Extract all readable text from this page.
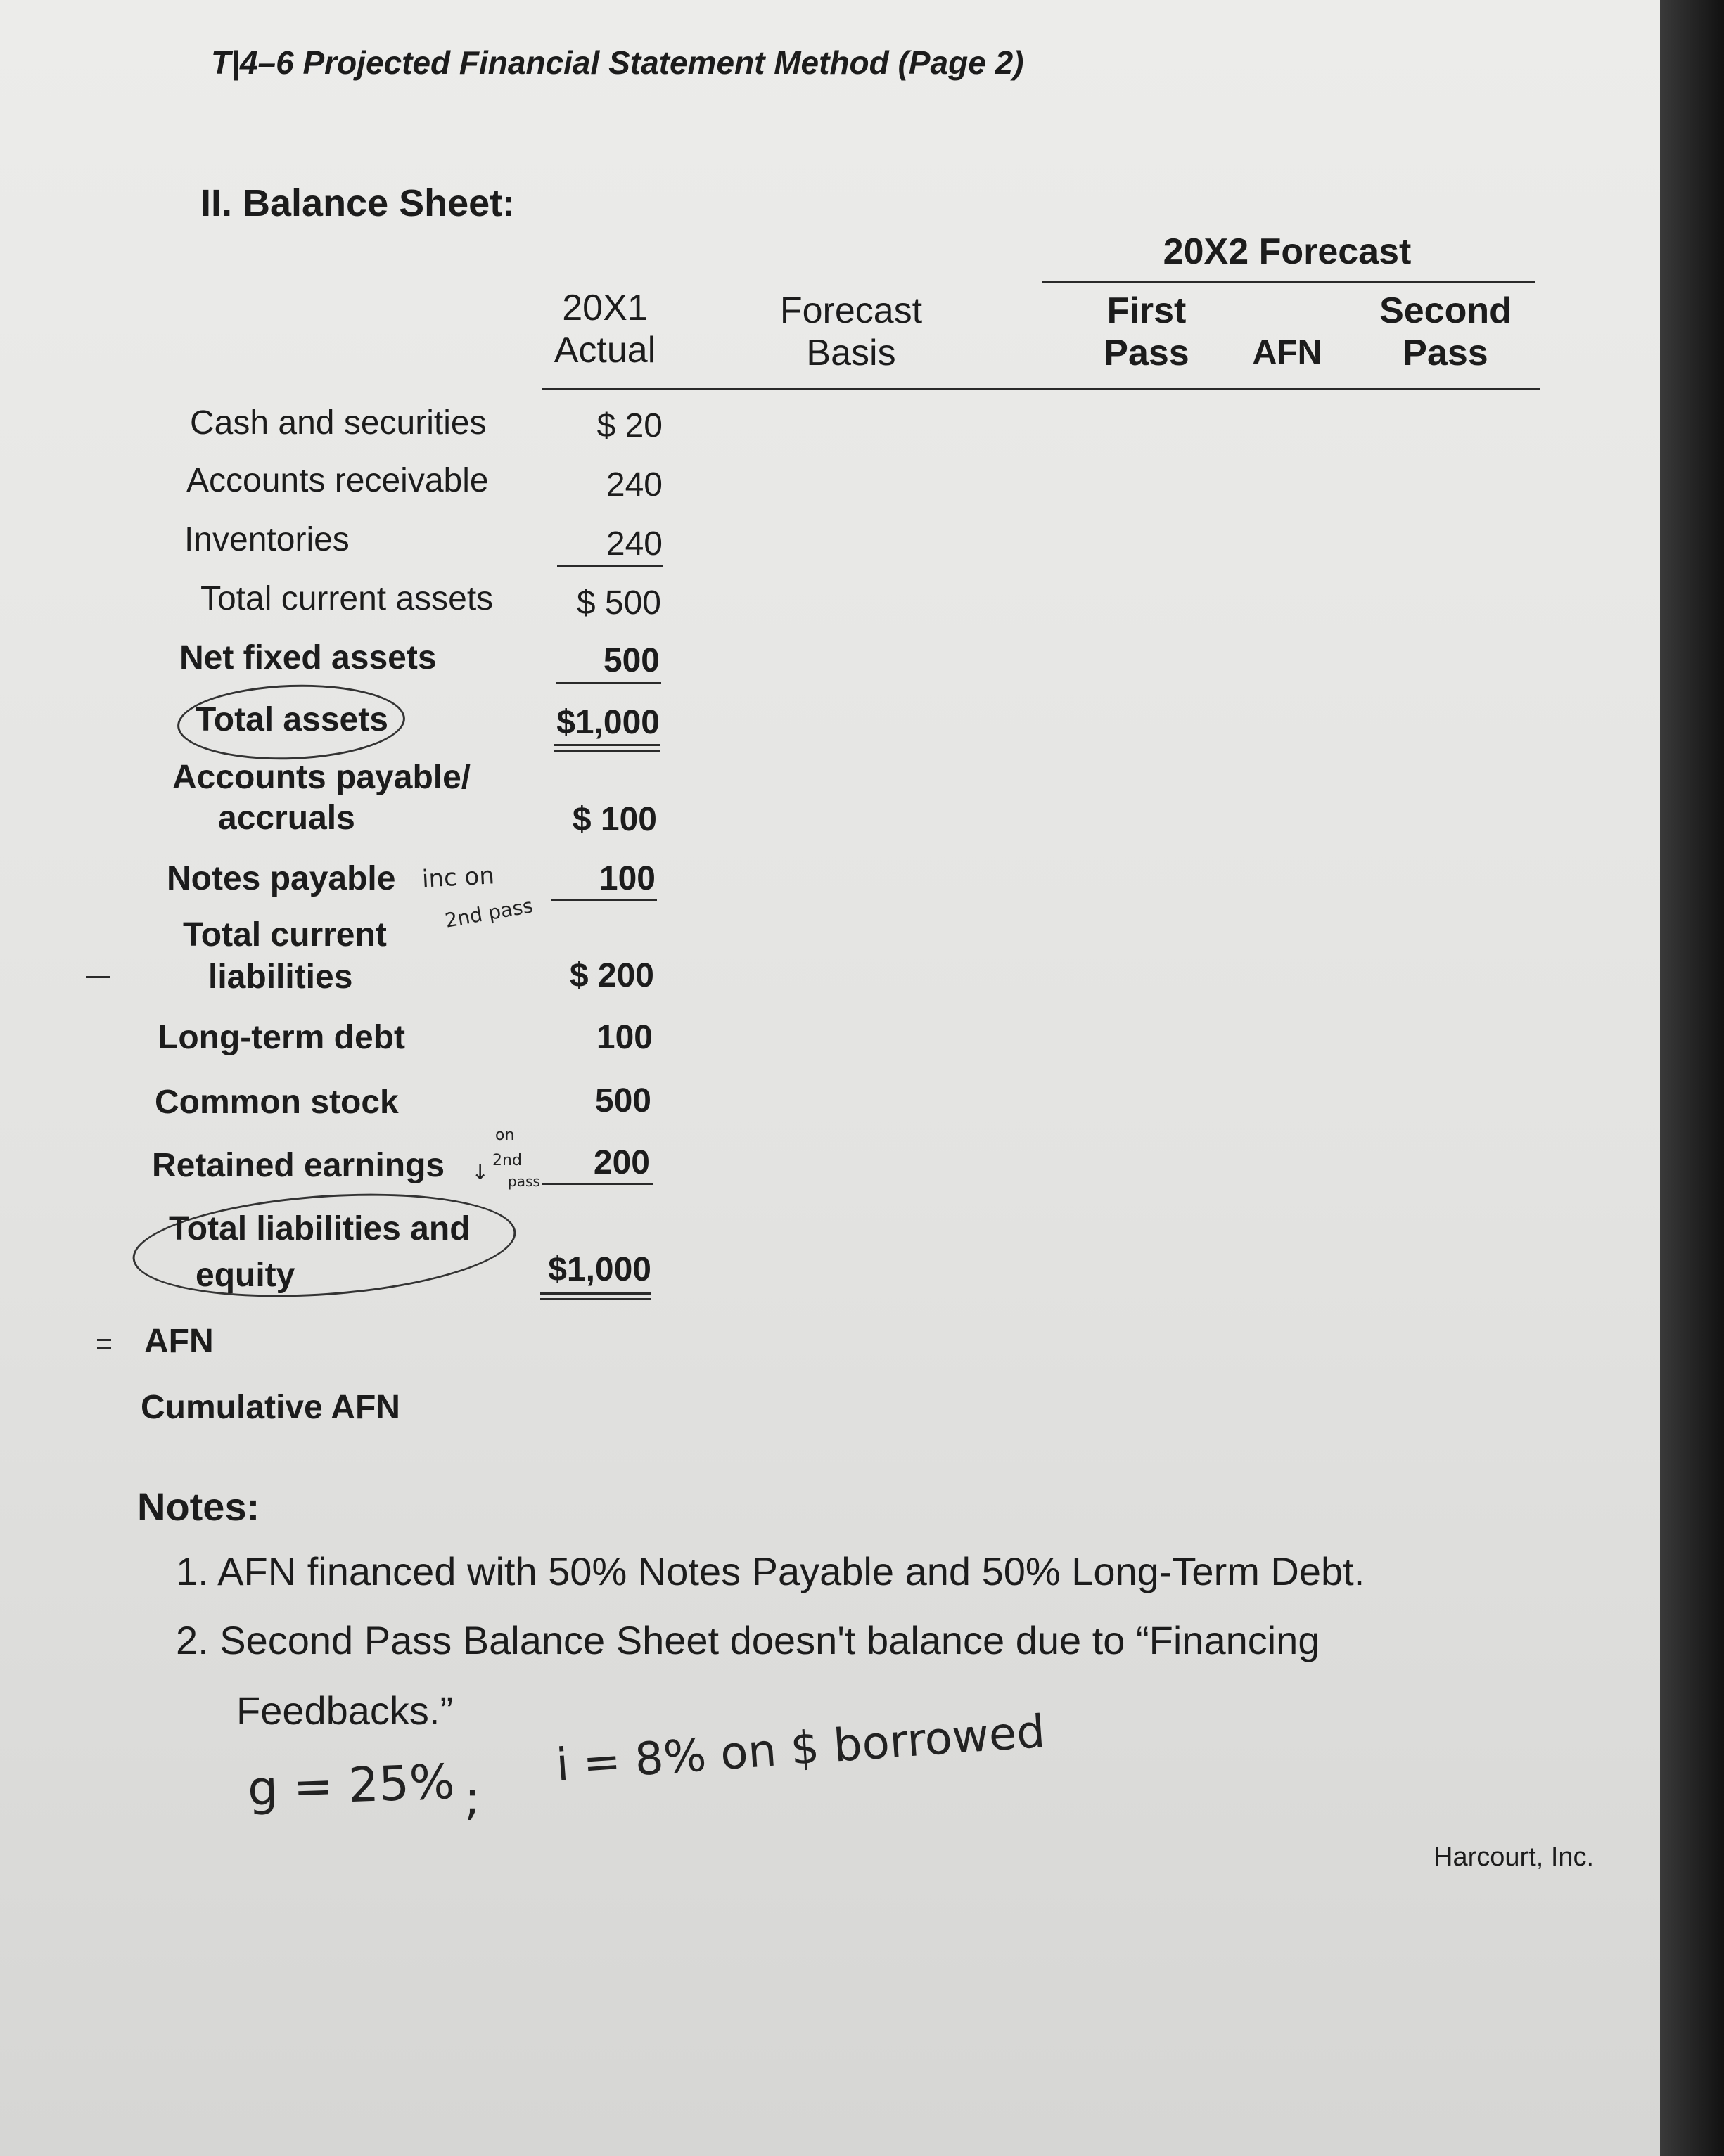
T|4–6 Projected Financial Statement Method (Page 2)
II. Balance Sheet:
20X1
Actual
Forecast
Basis
20X2 Forecast
First
Pass	AFN
Second
Pass
Cash and securities	$ 20
Accounts receivable	240
Inventories	240
Total current assets	$ 500
Net fixed assets	500
Total assets	$1,000
Accounts payable/
accruals	$ 100
Notes payable	100
inc on
2nd pass
Total current
liabilities	$ 200
Long-term debt	100
Common stock	500
Retained earnings	200
↓
on
2nd
pass
Total liabilities and
equity	$1,000
AFN
Cumulative AFN
Notes:
1. AFN financed with 50% Notes Payable and 50% Long-Term Debt.
2. Second Pass Balance Sheet doesn't balance due to “Financing
Feedbacks.”
g = 25% ;
i = 8% on $ borrowed
Harcourt, Inc.
